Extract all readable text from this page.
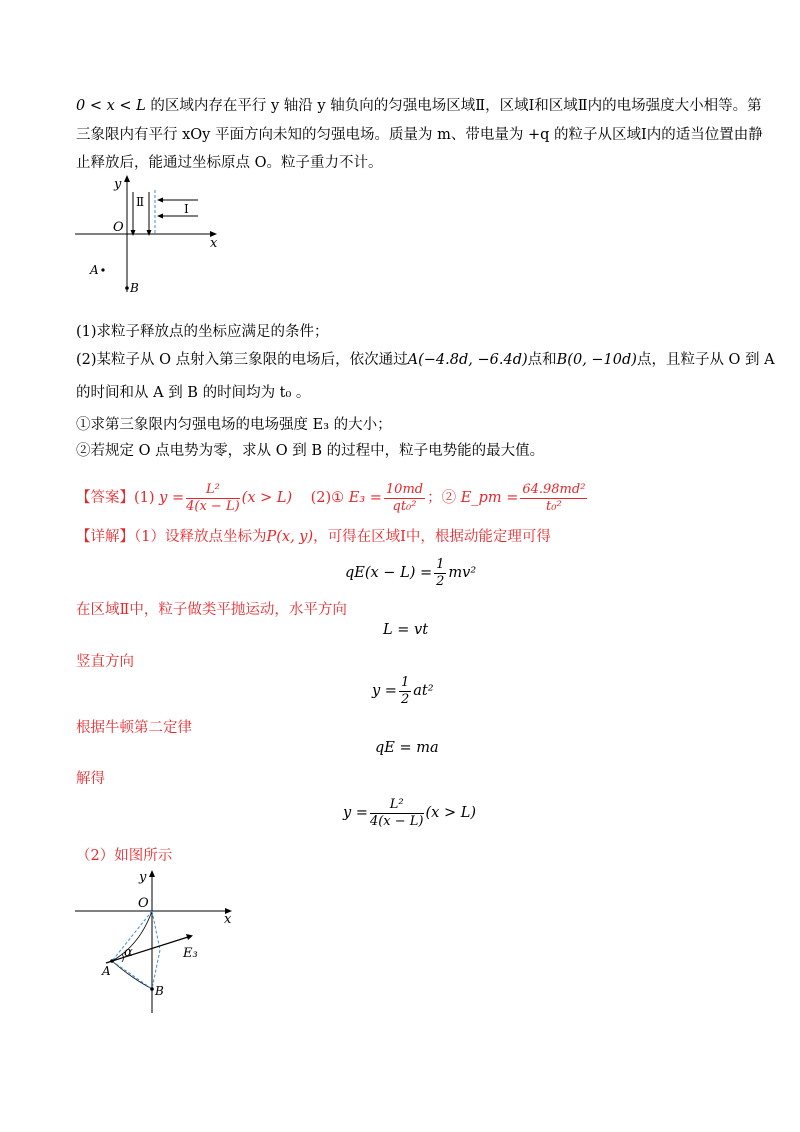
0 < x < L 的区域内存在平行 y 轴沿 y 轴负向的匀强电场区域Ⅱ，区域Ⅰ和区域Ⅱ内的电场强度大小相等。第
三象限内有平行 xOy 平面方向未知的匀强电场。质量为 m、带电量为 +q 的粒子从区域Ⅰ内的适当位置由静
止释放后，能通过坐标原点 O。粒子重力不计。
y
x
O
Ⅱ	Ⅰ
A
B
(1)求粒子释放点的坐标应满足的条件；
(2)某粒子从 O 点射入第三象限的电场后，依次通过A(−4.8d, −6.4d)点和B(0, −10d)点，且粒子从 O 到 A
的时间和从 A 到 B 的时间均为 t₀ 。
①求第三象限内匀强电场的电场强度 E₃ 的大小；
②若规定 O 点电势为零，求从 O 到 B 的过程中，粒子电势能的最大值。
【答案】(1) $y = \frac{\text{L²}}{4(x - L)} (x > L)$ (2)① $E_3 = \frac{10md}{\text{qt₀²}}$ ；② E_pm = $\frac{\text{64.98md²}}{\text{t₀²}}$
【详解】（1）设释放点坐标为P(x, y)，可得在区域Ⅰ中，根据动能定理可得
$qE(x - L) = \frac{1}{2} mv^2$
在区域Ⅱ中，粒子做类平抛运动，水平方向
L = vt
竖直方向
$y = \frac{1}{2} at^2$
根据牛顿第二定律
qE = ma
解得
$y = \frac{\text{L²}}{4(x - L)} (x > L)$
（2）如图所示
y
x
O
E₃
α
A
B
